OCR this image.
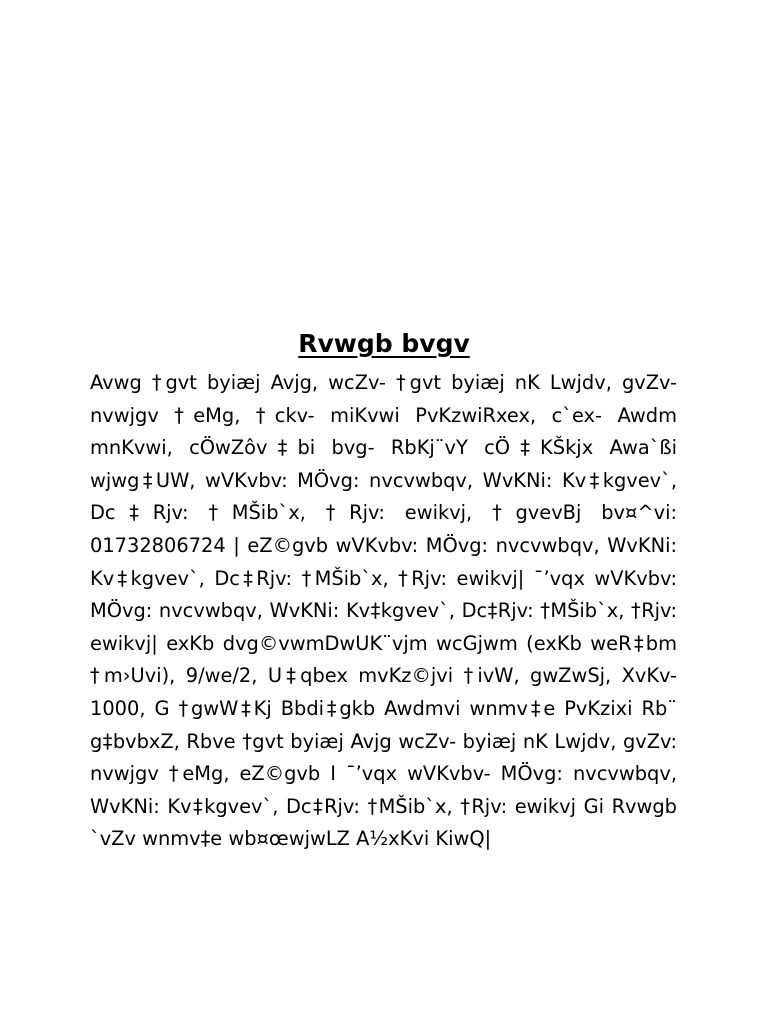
Rvwgb bvgv

Avwg †gvt byiæj Avjg, wcZv- †gvt byiæj nK Lwjdv, gvZv- nvwjgv †eMg, †ckv- miKvwi PvKzwiRxex, c`ex- Awdm mnKvwi, cÖwZôv‡bi bvg- RbKj¨vY cÖ‡KŠkjx Awa`ßi wjwg‡UW, wVKvbv: MÖvg: nvcvwbqv, WvKNi: Kv‡kgvev`, Dc‡Rjv: †MŠib`x, †Rjv: ewikvj, †gvevBj bv¤^vi: 01732806724 | eZ©gvb wVKvbv: MÖvg: nvcvwbqv, WvKNi: Kv‡kgvev`, Dc‡Rjv: †MŠib`x, †Rjv: ewikvj| ¯’vqx wVKvbv: MÖvg: nvcvwbqv, WvKNi: Kv‡kgvev`, Dc‡Rjv: †MŠib`x, †Rjv: ewikvj| exKb dvg©vwmDwUK¨vjm wcGjwm (exKb weR‡bm †m›Uvi), 9/we/2, U‡qbex mvKz©jvi †ivW, gwZwSj, XvKv-1000, G †gwW‡Kj Bbdi‡gkb Awdmvi wnmv‡e PvKzixi Rb¨ g‡bvbxZ, Rbve †gvt byiæj Avjg wcZv- byiæj nK Lwjdv, gvZv: nvwjgv †eMg, eZ©gvb I ¯’vqx wVKvbv- MÖvg: nvcvwbqv, WvKNi: Kv‡kgvev`, Dc‡Rjv: †MŠib`x, †Rjv: ewikvj Gi Rvwgb `vZv wnmv‡e wb¤œwjwLZ A½xKvi KiwQ|
